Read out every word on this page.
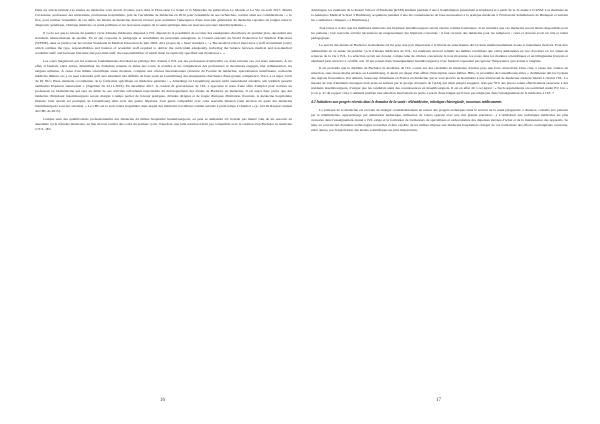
Dans un article intitulé Les études de médecine vont devoir évoluer, paru dans le Hors-série La Santé et la Médecine du publication Le Monde et La Vie en août 2017, Martin Cavazzana, professeur des universités, praticienne hospitalière, prix de l'Académie de médecine en 2016 pour l'ensemble de ses recherches, conclut ainsi ses considérations : « Je fixe, pour réaliser l'ensemble de ces défis, les études de médecine devront évoluer pour permettre l'émergence d'une nouvelle génération de médecins capables de jongler entre le diagnostic génétique, l'éthique médicale, la santé publique et les nouveaux enjeux de la santé publique dans un nouveau parcours interdisciplinaire. »

Il va de soi que le niveau du premier cycle d'études médicales dispensé à l'UL dépend de la possibilité de recruter des enseignants-chercheurs de premier plan, répondant aux standards internationaux de qualité. En ce qui concerne le pédagogie et notamment du personnel enseignant, le Conseil exécutif du World Federation for Medical Education (WFME), dans sa préface sur les Global Standards in Medical Education de juin 2003, dit à propos du « basic standard » : « The medical school must have a staff recruitment policy which outlines the type, responsibilities and balance of academic staff required to deliver the curriculum adequately, including the balance between medical and non-medical academic staff, and between full-time and part-time staff, the responsibilities of which must be explicitly specified and monitored ». »

Les cours magistraux sur les sciences fondamentales devraient en principe être donnés à l'UL par des professeurs d'université ou, dans certains cas, par leurs assistants. À cet effet, il faudrait, entre autres, déterminer les domaines retenus, la durée des cours, le nombre et les compétences des professeurs et chercheurs engagés, leur rémunération, les langues utilisées. À cause d'un milieu scientifique assez modeste, comparé aux critères internationaux (absence de Faculté de médecine, spécialisation insuffisante, recherche médicale limitée, etc.), on peut s'attendre qu'il sera sûrement très difficile de faire venir au Luxembourg des enseignants-chercheurs d'une grande compétence. Voici, à ce sujet, l'avis du Dr Nico Haas, médecin coordinateur de la formation spécifique en médecine générale : « Allerdings ist Luxemburg zurzeit nicht ausreichend attraktiv, um wirklich gesucht namhaftes Experten anzulocken » (Tageblatt du 22.11.2016). En décembre 2017, le conseil de gouvernance de l'UL a approuvé le texte d'une offre d'emploi pour recruter un professeur en biomédecine qui sera au début de ses activités activement responsable du développement des études de Bachelor en médecine. Il est aussi donc prévu que des médecins d'hôpitaux luxembourgeois seront chargés à temps partiel de travaux pratiques, d'études dirigées et de stages cliniques d'initiation. Pourtant, la médecine hospitalière libérale, telle qu'elle est pratiquée au Luxembourg dans trois des quatre hôpitaux, n'est guère compatible avec cette nouvelle mission (seul environ un quart des médecins luxembourgeois sont des salariés). « Le CHL est le seul centre hospitalier dans lequel des médecins travaillent comme salariés à plein temps à l'hôpital » (p. 124 du Rapport annuel du CHL de 2015).

Compte tenu des qualifications professionnelles des médecins du milieu hospitalier luxembourgeois, on peut se demander s'il n'aurait pas mieux valu de les associer au deuxième cycle d'études médicales, au lieu de leur confier des cours du premier cycle. Toutefois, une telle solution n'était pas compatible avec la création d'un Bachelor in medicine à l'UL. (En

16

Allemagne, les étudiants de la Kassel School of Medicine (KSM) étudient pendant 2 ans à Southampton (université et hôpitaux) et à partir de la 3e année à la KSM. Les étudiants de la Asklepios Medical School à Hambourg acquièrent pendant 2 ans les connaissances de base nécessaires à la pratique médicale à l'Université Semmelweis de Budapest et suivent les « semestres cliniques » à Hambourg.)

Tout laisse à croire que les meilleurs médecins des hôpitaux luxembourgeois seront choisis comme formateurs. Il en résultera que ces médecins seront moins disponibles pour les patients ; leur nouvelle activité nécessitera un réagencement des hôpitaux concernés : il faut recruter des médecins pour les remplacer ; ceux-ci doivent avoir un rôle et talent pédagogique.

Le succès des études de Bachelor in medicine est lié pour une part importante à la liberté de sélectionner des lycéens intellectuellement doués et hautement motivés. Pour être admissibles en 2e année du premier cycle d'études médicales de l'UL, les étudiants devront remplir les mêmes conditions que celles demandées en vue d'accéder en 1re année de sciences de la vie à l'UL. La sélection se fait sur dossier compte tenu de critères concernant la note moyenne, les notes dans les matières scientifiques et un bilinguisme français et allemand (soit niveau C1 certifié, soit 10 ans passés dans l'enseignement luxembourgeois). Il ne faudrait cependant pas ignorer l'importance qui revient à l'anglais.

Il est probable que le diplôme de Bachelor in medicine de l'UL contre sur des candidats en médecine d'autres pays une forte attractivité. D'un côté, à cause des critères de sélection, sans doute moins sévères au Luxembourg, il aurait un risque d'un afflux d'inscription assez faibles. Bilts, la proximité du Luxembourg attira « d'emmenaé dès les lycéens des régions frontalières. Par ailleurs, beaucoup d'étudiants en France en médecine qui se sont inscrits en Roumanie à une Université de médecine auraient intérêt à choisir l'UL. La mesure de trop d'étudiants étrangers était prise au sérieux par le groupe d'experts de l'AAQ qui allait jusqu'à suggérer, afin que 70% des places soient effectivement réservées à des résidents luxembourgeois, d'exiger que les candidats aient des connaissances en luxembourgeois. Il est en effet dit à cet égard : « Such requirements are permitted under EU law » (voir p. 27 du rapport cité). Comment justifier une sélection intervenant en partie à partir d'une langue qu'il n'est pas employée dans l'enseignement de la médecine à l'UL ?

4.2 Initiatives aux progrès récents dans le domaine de la santé : télémédecine, robotique chirurgicale, nouveaux médicaments

La pratique de la médecine est en train de changer considérablement en raison des progrès techniques dans le secteur de la santé (diagnostic à distance, conseils aux patients par la télémédecine, apprentissage par simulation numérique, utilisation de robots opérant avec une très grande précision…). L'utilisation aux techniques médicales les plus avancées dans l'enseignement donné à l'UL exige et la formation de formateurs de spécialistes et universitaires des dépenses élevées d'achat et de la maintenance des appareils. Se tenir au courant des dernières technologies nouvelles et être capable de les utiliser impose aux médecins hospitaliers chargés de ces formations des efforts contraignants constants, entre autres, par l'exploitation des études scientifiques les plus importantes.

17
